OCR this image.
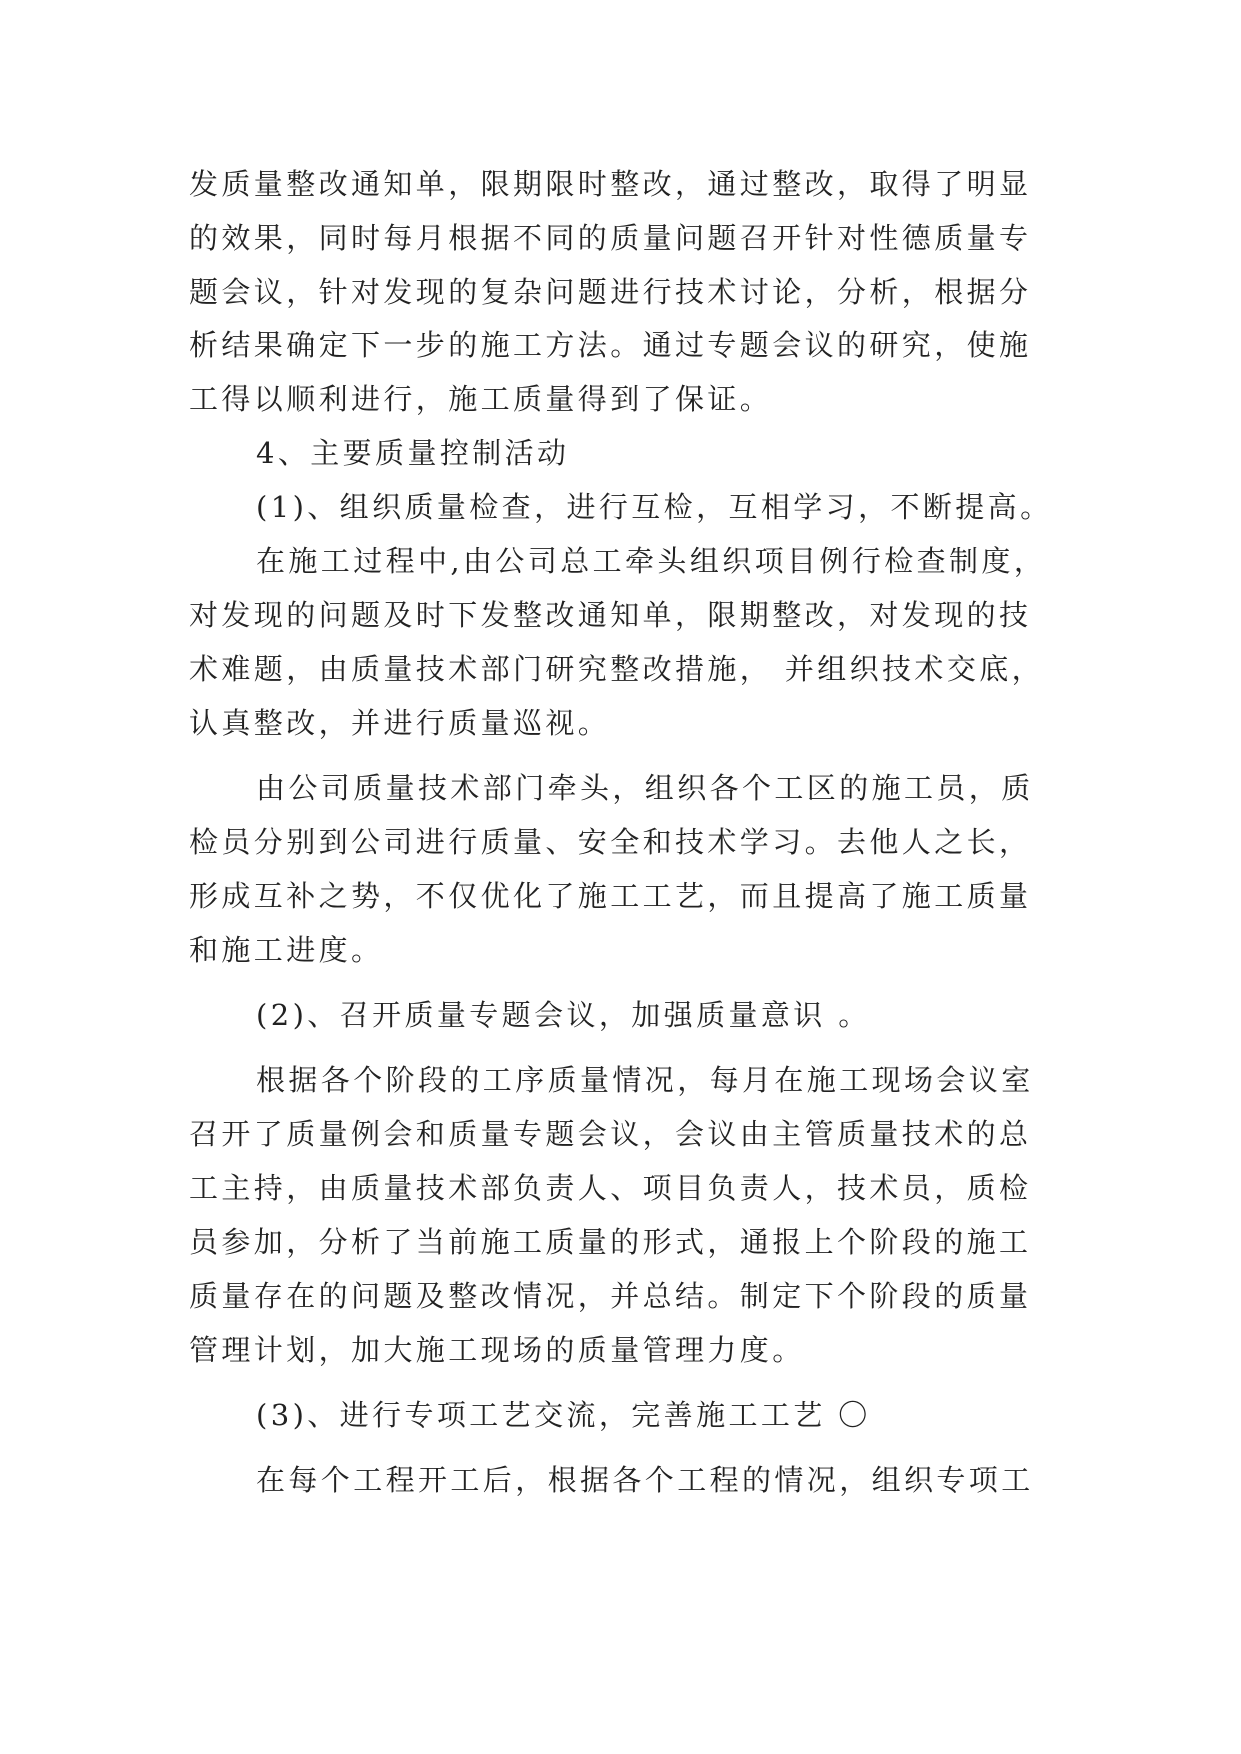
发质量整改通知单，限期限时整改，通过整改，取得了明显
的效果，同时每月根据不同的质量问题召开针对性德质量专
题会议，针对发现的复杂问题进行技术讨论，分析，根据分
析结果确定下一步的施工方法。通过专题会议的研究，使施
工得以顺利进行，施工质量得到了保证。
4、主要质量控制活动
(1)、组织质量检查，进行互检，互相学习，不断提高。
在施工过程中,由公司总工牵头组织项目例行检查制度，
对发现的问题及时下发整改通知单，限期整改，对发现的技
术难题，由质量技术部门研究整改措施， 并组织技术交底，
认真整改，并进行质量巡视。
由公司质量技术部门牵头，组织各个工区的施工员，质
检员分别到公司进行质量、安全和技术学习。去他人之长，
形成互补之势，不仅优化了施工工艺，而且提高了施工质量
和施工进度。
(2)、召开质量专题会议，加强质量意识 。
根据各个阶段的工序质量情况，每月在施工现场会议室
召开了质量例会和质量专题会议，会议由主管质量技术的总
工主持，由质量技术部负责人、项目负责人，技术员，质检
员参加，分析了当前施工质量的形式，通报上个阶段的施工
质量存在的问题及整改情况，并总结。制定下个阶段的质量
管理计划，加大施工现场的质量管理力度。
(3)、进行专项工艺交流，完善施工工艺 〇
在每个工程开工后，根据各个工程的情况，组织专项工
